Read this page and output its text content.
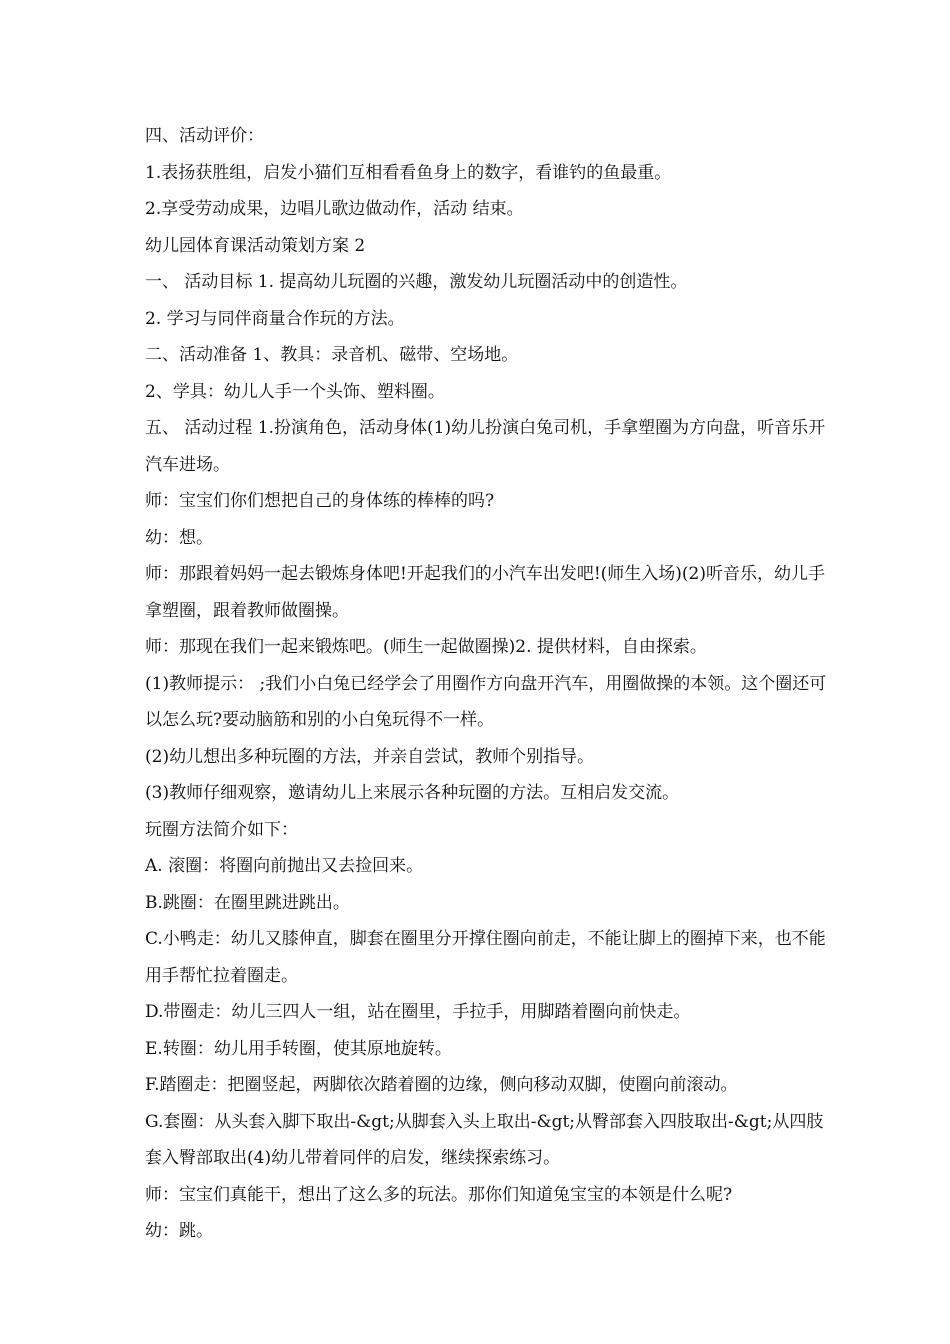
四、活动评价：

1.表扬获胜组，启发小猫们互相看看鱼身上的数字，看谁钓的鱼最重。

2.享受劳动成果，边唱儿歌边做动作，活动 结束。

幼儿园体育课活动策划方案 2

一、 活动目标 1. 提高幼儿玩圈的兴趣，激发幼儿玩圈活动中的创造性。

2. 学习与同伴商量合作玩的方法。

二、活动准备 1、教具：录音机、磁带、空场地。

2、学具：幼儿人手一个头饰、塑料圈。

五、 活动过程 1.扮演角色，活动身体(1)幼儿扮演白兔司机，手拿塑圈为方向盘，听音乐开汽车进场。

师：宝宝们你们想把自己的身体练的棒棒的吗?

幼：想。

师：那跟着妈妈一起去锻炼身体吧!开起我们的小汽车出发吧!(师生入场)(2)听音乐，幼儿手拿塑圈，跟着教师做圈操。

师：那现在我们一起来锻炼吧。(师生一起做圈操)2. 提供材料，自由探索。

(1)教师提示： ;我们小白兔已经学会了用圈作方向盘开汽车，用圈做操的本领。这个圈还可以怎么玩?要动脑筋和别的小白兔玩得不一样。

(2)幼儿想出多种玩圈的方法，并亲自尝试，教师个别指导。

(3)教师仔细观察，邀请幼儿上来展示各种玩圈的方法。互相启发交流。

玩圈方法简介如下：

A. 滚圈：将圈向前抛出又去捡回来。

B.跳圈：在圈里跳进跳出。

C.小鸭走：幼儿又膝伸直，脚套在圈里分开撑住圈向前走，不能让脚上的圈掉下来，也不能用手帮忙拉着圈走。

D.带圈走：幼儿三四人一组，站在圈里，手拉手，用脚踏着圈向前快走。

E.转圈：幼儿用手转圈，使其原地旋转。

F.踏圈走：把圈竖起，两脚依次踏着圈的边缘，侧向移动双脚，使圈向前滚动。

G.套圈：从头套入脚下取出-&gt;从脚套入头上取出-&gt;从臀部套入四肢取出-&gt;从四肢套入臀部取出(4)幼儿带着同伴的启发，继续探索练习。

师：宝宝们真能干，想出了这么多的玩法。那你们知道兔宝宝的本领是什么呢?

幼：跳。
